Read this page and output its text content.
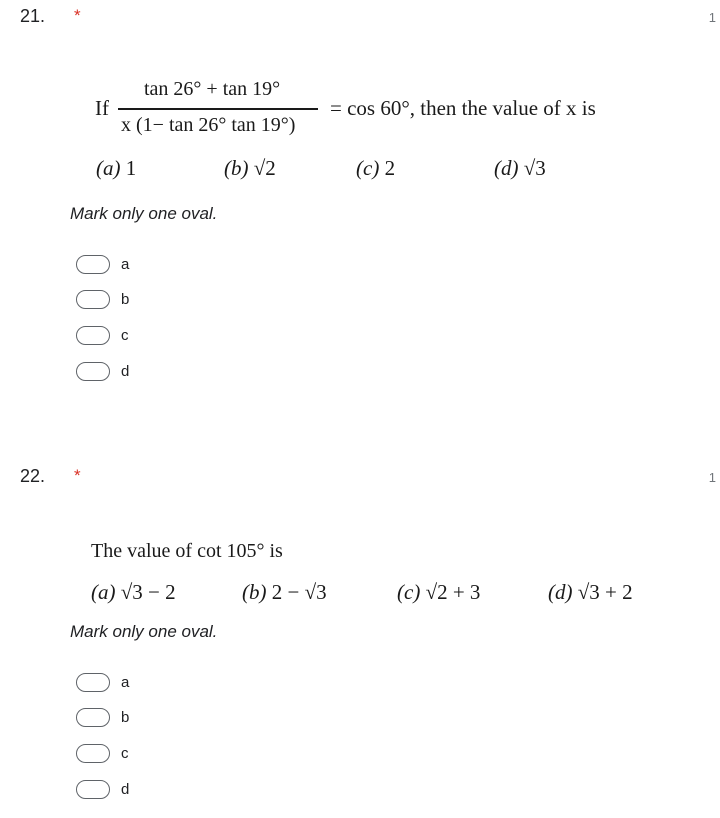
21. *	1
If
tan 26° + tan 19°
x (1− tan 26° tan 19°)
= cos 60°, then the value of x is
(a) 1	(b) √2	(c) 2	(d) √3
Mark only one oval.
a
b
c
d
22. *	1
The value of cot 105° is
(a) √3 − 2	(b) 2 − √3	(c) √2 + 3	(d) √3 + 2
Mark only one oval.
a
b
c
d
